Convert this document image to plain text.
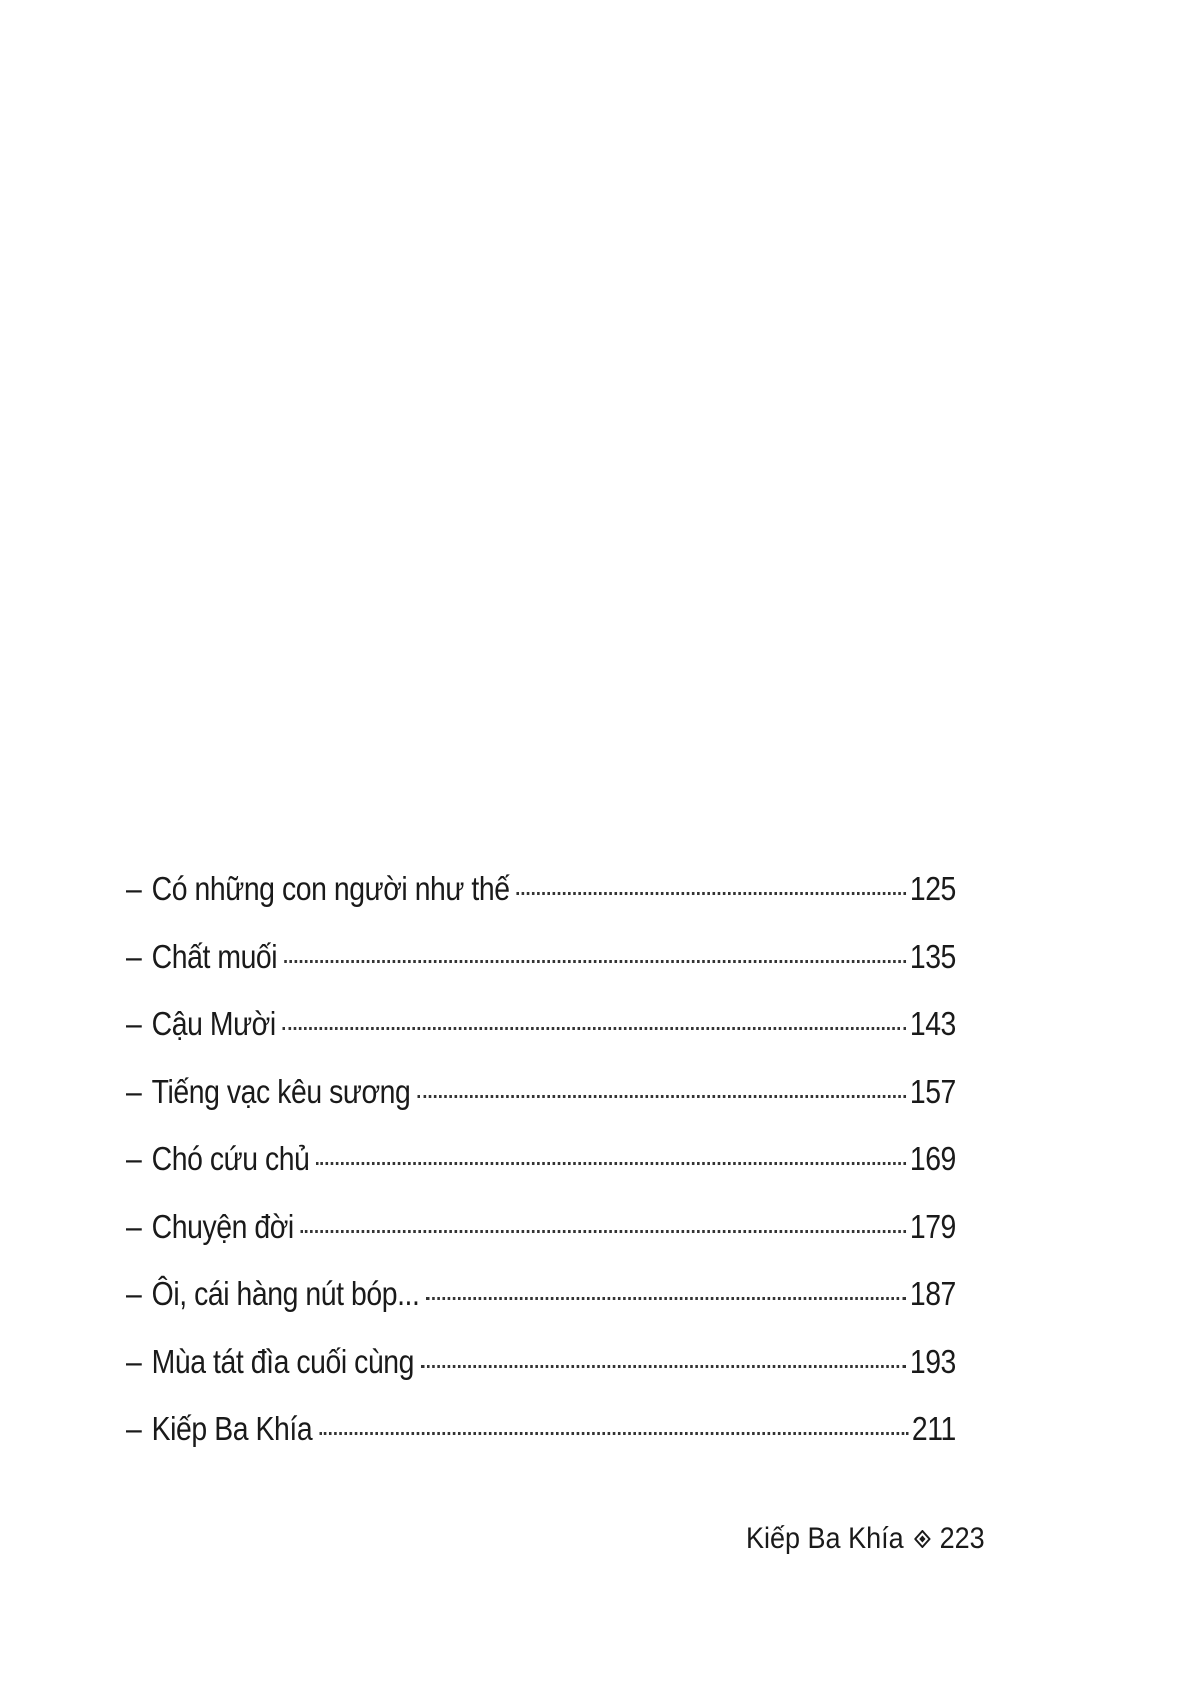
– Có những con người như thế	125
– Chất muối	135
– Cậu Mười	143
– Tiếng vạc kêu sương	157
– Chó cứu chủ	169
– Chuyện đời	179
– Ôi, cái hàng nút bóp...	187
– Mùa tát đìa cuối cùng	193
– Kiếp Ba Khía	211
Kiếp Ba Khía 223
